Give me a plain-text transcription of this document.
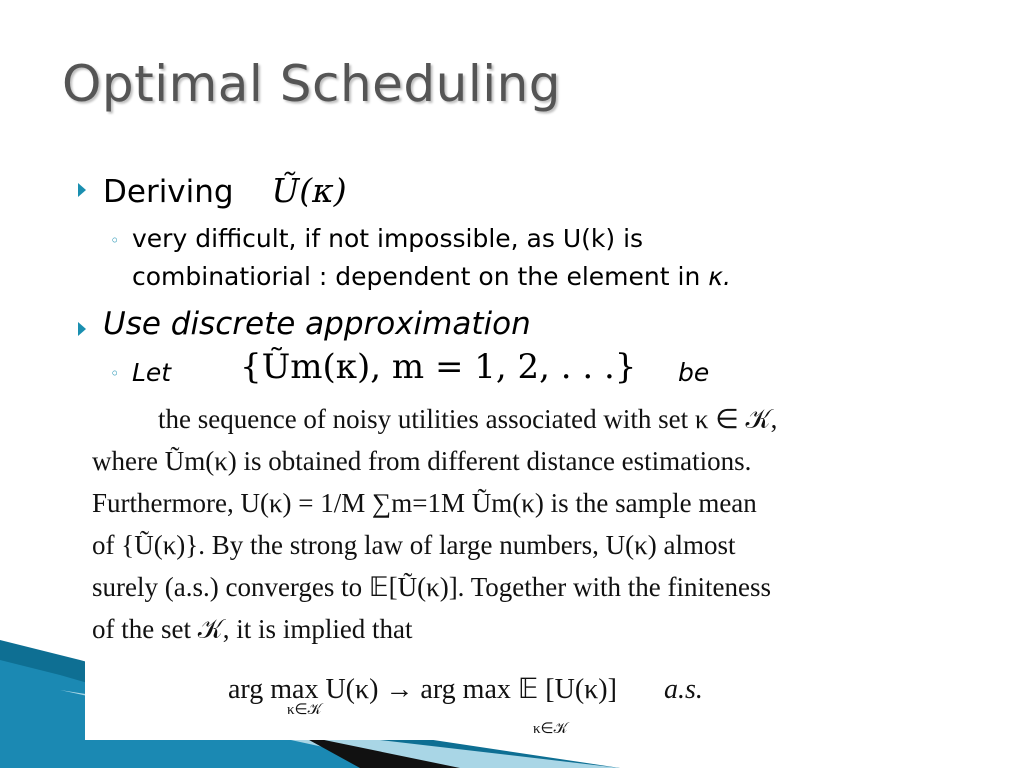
Optimal Scheduling
Deriving Ũ(κ)
◦ very difficult, if not impossible, as U(k) is
combinatiorial : dependent on the element in κ.
Use discrete approximation
◦ Let {Ũm(κ), m = 1, 2, . . .} be
the sequence of noisy utilities associated with set κ ∈ 𝒦,
where Ũm(κ) is obtained from different distance estimations.
Furthermore, U(κ) = 1/M ∑m=1M Ũm(κ) is the sample mean
of {Ũ(κ)}. By the strong law of large numbers, U(κ) almost
surely (a.s.) converges to 𝔼[Ũ(κ)]. Together with the finiteness
of the set 𝒦, it is implied that
arg max U(κ) → arg max 𝔼 [U(κ)] a.s.
κ∈𝒦
κ∈𝒦
